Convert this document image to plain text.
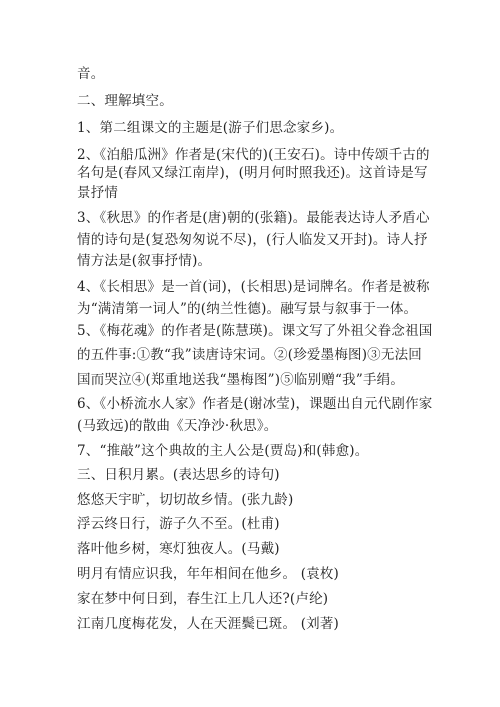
音。
二、理解填空。
1、第二组课文的主题是(游子们思念家乡)。
2、《泊船瓜洲》作者是(宋代的)(王安石)。诗中传颂千古的
名句是(春风又绿江南岸)，(明月何时照我还)。这首诗是写
景抒情
3、《秋思》的作者是(唐)朝的(张籍)。最能表达诗人矛盾心
情的诗句是(复恐匆匆说不尽)，(行人临发又开封)。诗人抒
情方法是(叙事抒情)。
4、《长相思》是一首(词)，(长相思)是词牌名。作者是被称
为“满清第一词人”的(纳兰性德)。融写景与叙事于一体。
5、《梅花魂》的作者是(陈慧瑛)。课文写了外祖父眷念祖国
的五件事:①教“我”读唐诗宋词。②(珍爱墨梅图)③无法回
国而哭泣④(郑重地送我“墨梅图”)⑤临别赠“我”手绢。
6、《小桥流水人家》作者是(谢冰莹)，课题出自元代剧作家
(马致远)的散曲《天净沙·秋思》。
7、“推敲”这个典故的主人公是(贾岛)和(韩愈)。
三、日积月累。(表达思乡的诗句)
悠悠天宇旷，切切故乡情。(张九龄)
浮云终日行，游子久不至。(杜甫)
落叶他乡树，寒灯独夜人。(马戴)
明月有情应识我，年年相间在他乡。 (袁枚)
家在梦中何日到，春生江上几人还?(卢纶)
江南几度梅花发，人在天涯鬓已斑。 (刘著)
